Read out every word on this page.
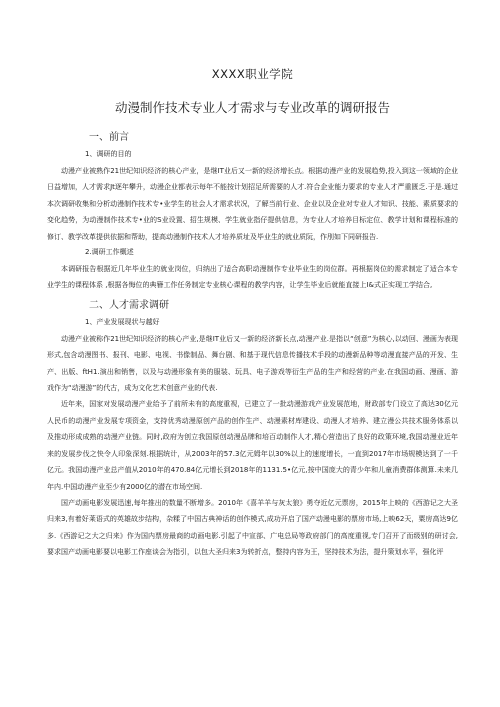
XXXX职业学院
动漫制作技术专业人才需求与专业改革的调研报告
一、前言
1、调研的目的

动漫产业被熟作21世纪知识经济的核心产业，是继IT业后又一新的经济增长点。根据动漫产业的发展趋势,投入到这一领域的企业日益增加，人才需求Jt逐年攀升，动漫企业都表示每年不能按计划招足所需要的人才.符合企业能力要求的专业人才严重匮乏.于是.通过本次调研收集和分析动漫制作技术专•业学生的社会人才需求状况，了解当前行业、企业以及企业对专业人才知识、技能、素质要求的变化趋势，为动漫制作技术专•业的S业设置、招生规模、学生就业指仔提供信息，为专业人才培养目标定位、教学计划和课程标准的修订、教学改革提供依据和帮助，提高动漫制作技术人才培养质址及毕业生的就业质阮，作刖如下同研报告.

2.调研工作概述

本调研报告根据近几年毕业生的就业岗位，归纳出了适合高职动漫制作专业毕业生的岗位群。再根据岗位的需求制定了适合本专业学生的课程体系 ,根据各悔位的典簪工作任务制定专业核心课程的教学内容，让学生毕业后就能直接上I&式正实现工学结合,

二、人才需求调研
1、产业发展现状与越好

动漫产业被称作21世纪知识经济的核心产业,是继IT业后又一新的经济新长点,动漫产业.是指以“创意”为核心,以动回、漫画为表现形式,包含动漫图书、报刊、电影、电视、书像制品、舞台剧、和基于现代信息传播技术手段的动漫新品种等动漫直接产品的开发、生产、出版、ftH1.演出和销售，以及与动漫形象有美的服装、玩具、电子游戏等衍生产品的生产和经营的产业.在我国动画、漫画、游戏作为“动漫游”的代古，成为文化艺术创意产业的代表.

近年来，国家对发展动漫产业给予了前所未有的高度重视，已建立了一批动漫游戏产业发展范地，财政部专门设立了高达30亿元人民币的动漫产业发展专项资金，支持优秀动漫原创产品的创作生产、动漫素材库建设、动漫人才培养、建立漫公共技术服务体系以及推动形成成熟的动漫产业链。同时,政府为创立我国原创动漫品牌和培百动制作人才,精心营造出了良好的政策环境,我国动漫业近年来的发展步伐之快令人印象深刻.根据统计，从2003年的57.3亿元姆年以30%以上的速度增长，一直到2017年市场规模达到了一千亿元。我国动漫产业总产值从2010年的470.84亿元增长到2018年的1131.5•亿元,按中国庞大的青少年和儿童消费群体测算.未来几年内.中国动漫产业至少有2000亿的潜在市场空间.

国产动画电影发展迅速,每年推出的数量不断增多。2010年《喜羊羊与灰太狼》勇夺近亿元票房，2015年上映的《西游记之大圣归来3,有着好莱语式的英雄故步结构，杂糅了中国古典神话的创作模式,成功开启了国产动漫电影的票房市场,上映62天，粟房高达9亿多.《西游记之大之归来》作为国内票房最商的动画电影.引起了中宣部、广电总局等政府部门的高度重视,专门召开了而级别的研讨会,要求国产动画电影要以电影工作座谈会为指引，以包大圣归来3为转折点，整持内容为王，坚持技术为法，提升策划水平，强化评
